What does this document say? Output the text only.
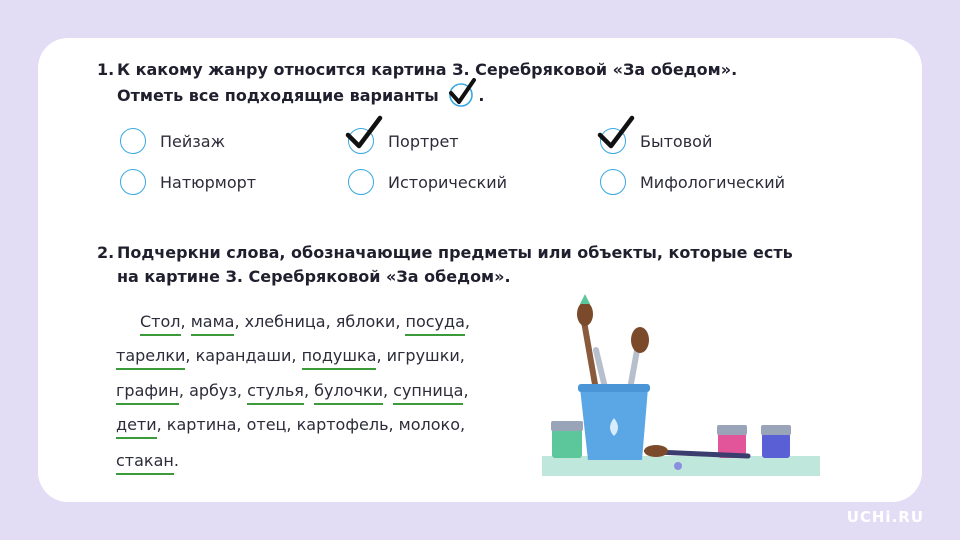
1. К какому жанру относится картина З. Серебряковой «За обедом».
Отметь все подходящие варианты .
Пейзаж	Портрет	Бытовой
Натюрморт	Исторический	Мифологический
2. Подчеркни слова, обозначающие предметы или объекты, которые есть
на картине З. Серебряковой «За обедом».
Стол, мама, хлебница, яблоки, посуда,
тарелки, карандаши, подушка, игрушки,
графин, арбуз, стулья, булочки, супница,
дети, картина, отец, картофель, молоко,
стакан.
UCHi.RU
